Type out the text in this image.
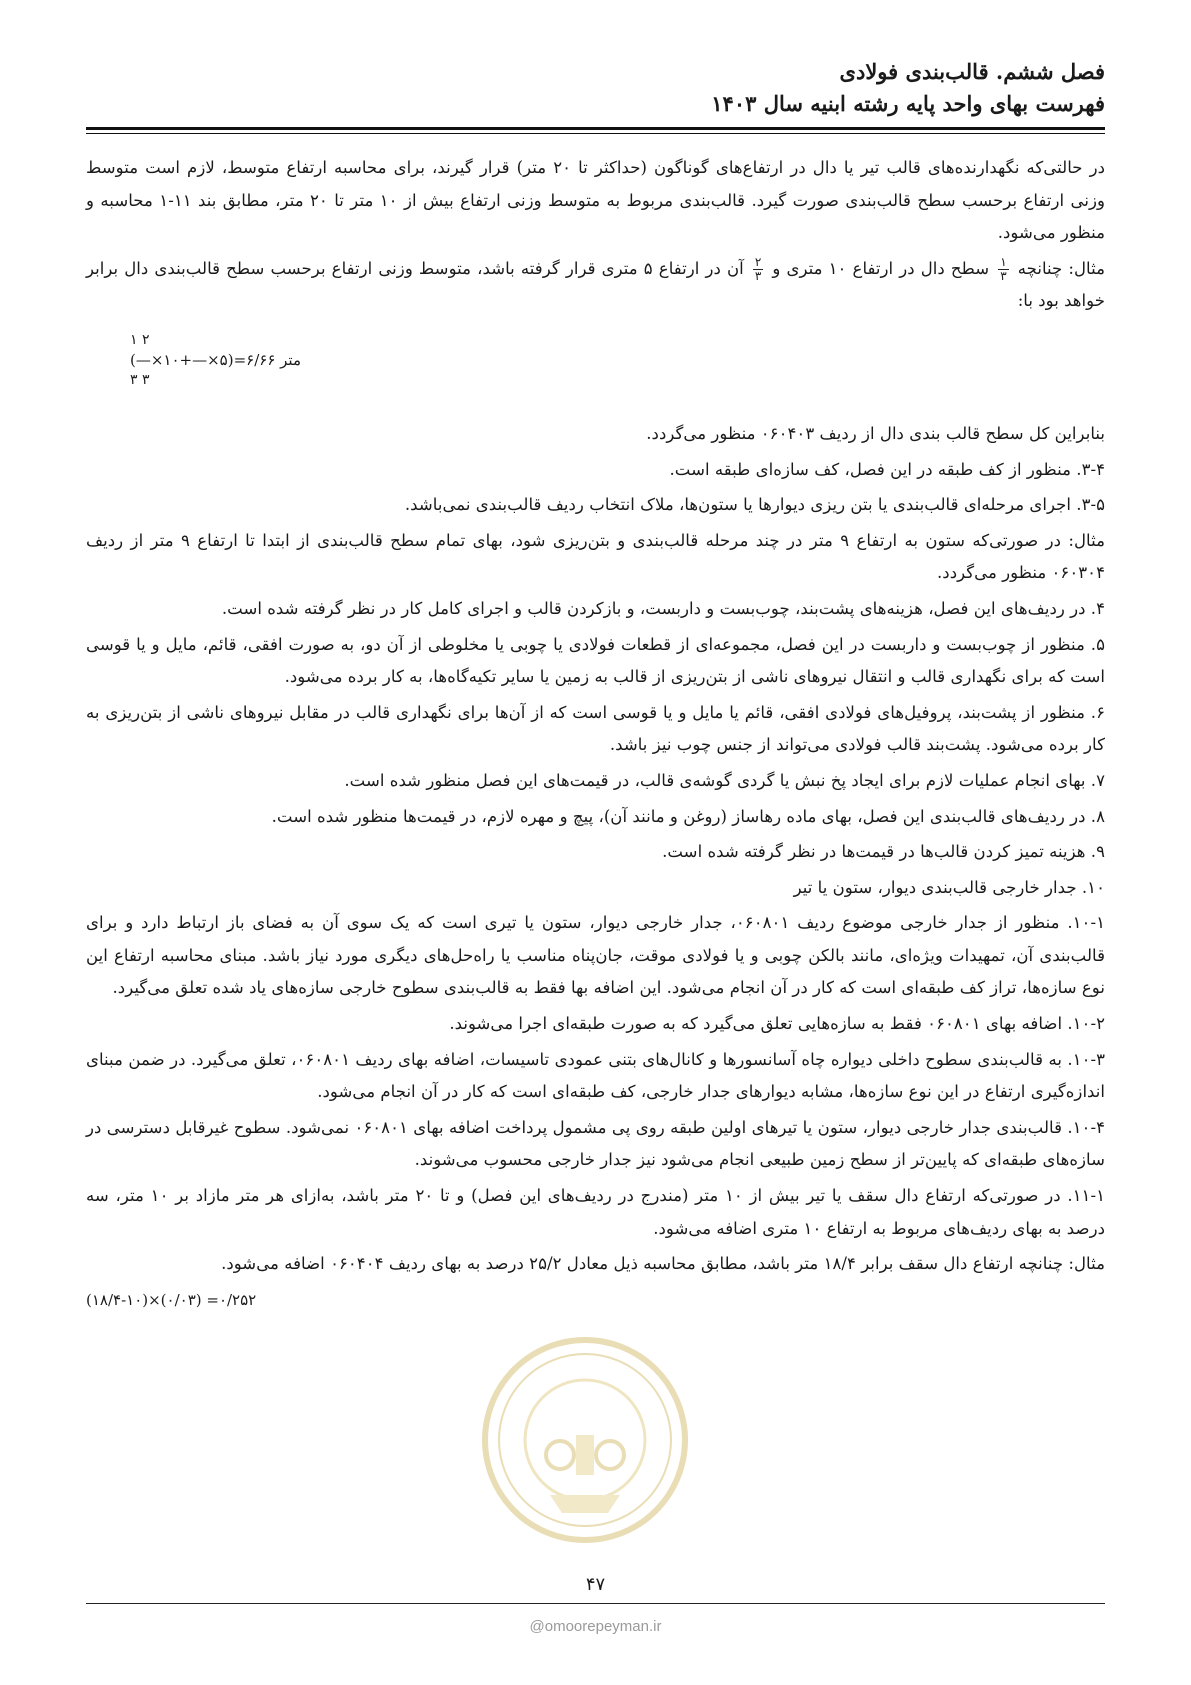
فصل ششم. قالب‌بندی فولادی
فهرست بهای واحد پایه رشته ابنیه سال ۱۴۰۳

در حالتی‌که نگهدارنده‌های قالب تیر یا دال در ارتفاع‌های گوناگون (حداکثر تا ۲۰ متر) قرار گیرند، برای محاسبه ارتفاع متوسط، لازم است متوسط وزنی ارتفاع برحسب سطح قالب‌بندی صورت گیرد. قالب‌بندی مربوط به متوسط وزنی ارتفاع بیش از ۱۰ متر تا ۲۰ متر، مطابق بند ۱۱-۱ محاسبه و منظور می‌شود.

مثال: چنانچه
$\frac{۱}{۳}$
سطح دال در ارتفاع ۱۰ متری و
$\frac{۲}{۳}$
آن در ارتفاع ۵ متری قرار گرفته باشد، متوسط وزنی ارتفاع برحسب سطح قالب‌بندی دال برابر خواهد بود با:

۱ ۲
(—×۱۰+—×۵)=۶/۶۶ متر
۳ ۳

بنابراین کل سطح قالب بندی دال از ردیف ۰۶۰۴۰۳ منظور می‌گردد.

۳-۴. منظور از کف طبقه در این فصل، کف سازه‌ای طبقه است.

۳-۵. اجرای مرحله‌ای قالب‌بندی یا بتن ریزی دیوارها یا ستون‌ها، ملاک انتخاب ردیف قالب‌بندی نمی‌باشد.

مثال: در صورتی‌که ستون به ارتفاع ۹ متر در چند مرحله قالب‌بندی و بتن‌ریزی شود، بهای تمام سطح قالب‌بندی از ابتدا تا ارتفاع ۹ متر از ردیف ۰۶۰۳۰۴ منظور می‌گردد.

۴. در ردیف‌های این فصل، هزینه‌های پشت‌بند، چوب‌بست و داربست، و بازکردن قالب و اجرای کامل کار در نظر گرفته شده است.

۵. منظور از چوب‌بست و داربست در این فصل، مجموعه‌ای از قطعات فولادی یا چوبی یا مخلوطی از آن دو، به صورت افقی، قائم، مایل و یا قوسی است که برای نگهداری قالب و انتقال نیروهای ناشی از بتن‌ریزی از قالب به زمین یا سایر تکیه‌گاه‌ها، به کار برده می‌شود.

۶. منظور از پشت‌بند، پروفیل‌های فولادی افقی، قائم یا مایل و یا قوسی است که از آن‌ها برای نگهداری قالب در مقابل نیروهای ناشی از بتن‌ریزی به کار برده می‌شود. پشت‌بند قالب فولادی می‌تواند از جنس چوب نیز باشد.

۷. بهای انجام عملیات لازم برای ایجاد پخ نبش یا گردی گوشه‌ی قالب، در قیمت‌های این فصل منظور شده است.

۸. در ردیف‌های قالب‌بندی این فصل، بهای ماده رهاساز (روغن و مانند آن)، پیچ و مهره لازم، در قیمت‌ها منظور شده است.

۹. هزینه تمیز کردن قالب‌ها در قیمت‌ها در نظر گرفته شده است.

۱۰. جدار خارجی قالب‌بندی دیوار، ستون یا تیر

۱۰-۱. منظور از جدار خارجی موضوع ردیف ۰۶۰۸۰۱، جدار خارجی دیوار، ستون یا تیری است که یک سوی آن به فضای باز ارتباط دارد و برای قالب‌بندی آن، تمهیدات ویژه‌ای، مانند بالکن چوبی و یا فولادی موقت، جان‌پناه مناسب یا راه‌حل‌های دیگری مورد نیاز باشد. مبنای محاسبه ارتفاع این نوع سازه‌ها، تراز کف طبقه‌ای است که کار در آن انجام می‌شود. این اضافه بها فقط به قالب‌بندی سطوح خارجی سازه‌های یاد شده تعلق می‌گیرد.

۱۰-۲. اضافه بهای ۰۶۰۸۰۱ فقط به سازه‌هایی تعلق می‌گیرد که به صورت طبقه‌ای اجرا می‌شوند.

۱۰-۳. به قالب‌بندی سطوح داخلی دیواره چاه آسانسورها و کانال‌های بتنی عمودی تاسیسات، اضافه بهای ردیف ۰۶۰۸۰۱، تعلق می‌گیرد. در ضمن مبنای اندازه‌گیری ارتفاع در این نوع سازه‌ها، مشابه دیوارهای جدار خارجی، کف طبقه‌ای است که کار در آن انجام می‌شود.

۱۰-۴. قالب‌بندی جدار خارجی دیوار، ستون یا تیرهای اولین طبقه روی پی مشمول پرداخت اضافه بهای ۰۶۰۸۰۱ نمی‌شود. سطوح غیرقابل دسترسی در سازه‌های طبقه‌ای که پایین‌تر از سطح زمین طبیعی انجام می‌شود نیز جدار خارجی محسوب می‌شوند.

۱۱-۱. در صورتی‌که ارتفاع دال سقف یا تیر بیش از ۱۰ متر (مندرج در ردیف‌های این فصل) و تا ۲۰ متر باشد، به‌ازای هر متر مازاد بر ۱۰ متر، سه درصد به بهای ردیف‌های مربوط به ارتفاع ۱۰ متری اضافه می‌شود.

مثال: چنانچه ارتفاع دال سقف برابر ۱۸/۴ متر باشد، مطابق محاسبه ذیل معادل ۲۵/۲ درصد به بهای ردیف ۰۶۰۴۰۴ اضافه می‌شود.

(۱۸/۴-۱۰)×(۰/۰۳) =۰/۲۵۲
۴۷
@omoorepeyman.ir
